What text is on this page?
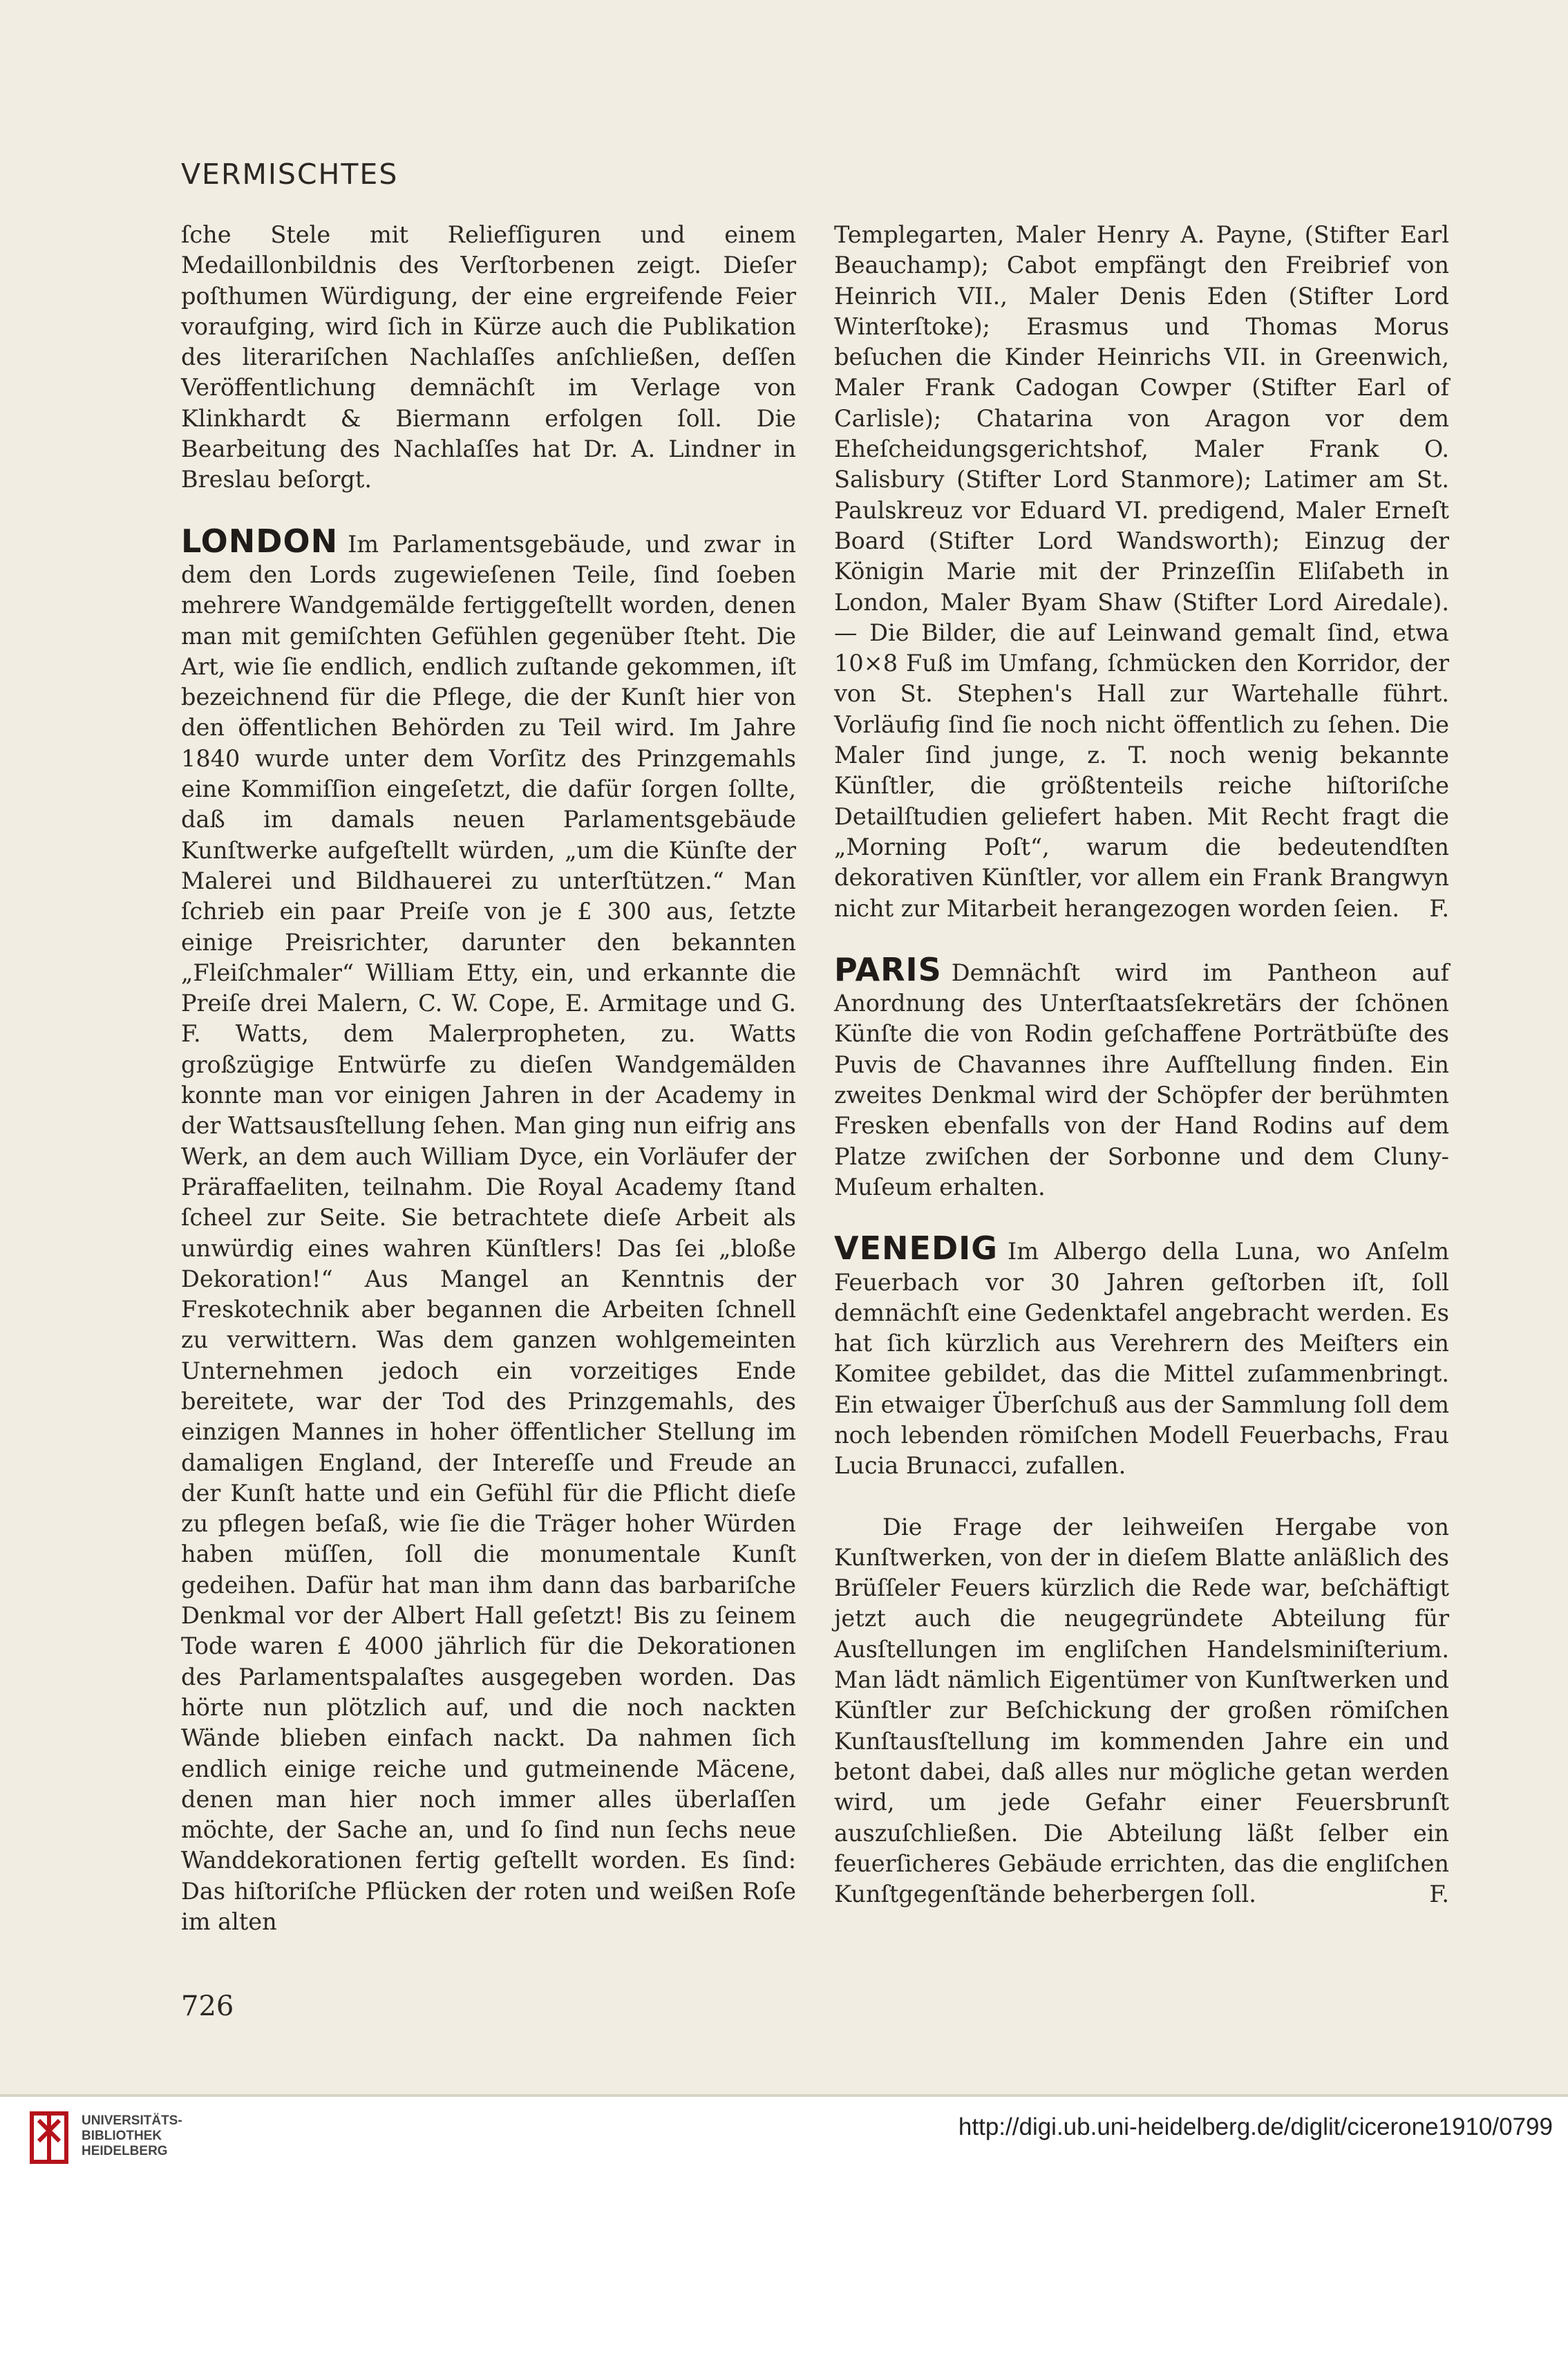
VERMISCHTES

ſche Stele mit Reliefſiguren und einem Medaillonbildnis des Verſtorbenen zeigt. Dieſer poſthumen Würdigung, der eine ergreifende Feier voraufging, wird ſich in Kürze auch die Publikation des literariſchen Nachlaſſes anſchließen, deſſen Veröffentlichung demnächſt im Verlage von Klinkhardt & Biermann erfolgen ſoll. Die Bearbeitung des Nachlaſſes hat Dr. A. Lindner in Breslau beſorgt.

LONDON Im Parlamentsgebäude, und zwar in dem den Lords zugewieſenen Teile, ſind ſoeben mehrere Wandgemälde fertiggeſtellt worden, denen man mit gemiſchten Gefühlen gegenüber ſteht. Die Art, wie ſie endlich, endlich zuſtande gekommen, iſt bezeichnend für die Pflege, die der Kunſt hier von den öffentlichen Behörden zu Teil wird. Im Jahre 1840 wurde unter dem Vorſitz des Prinzgemahls eine Kommiſſion eingeſetzt, die dafür ſorgen ſollte, daß im damals neuen Parlamentsgebäude Kunſtwerke aufgeſtellt würden, „um die Künſte der Malerei und Bildhauerei zu unterſtützen.“ Man ſchrieb ein paar Preiſe von je £ 300 aus, ſetzte einige Preisrichter, darunter den bekannten „Fleiſchmaler“ William Etty, ein, und erkannte die Preiſe drei Malern, C. W. Cope, E. Armitage und G. F. Watts, dem Malerpropheten, zu. Watts großzügige Entwürfe zu dieſen Wandgemälden konnte man vor einigen Jahren in der Academy in der Wattsausſtellung ſehen. Man ging nun eifrig ans Werk, an dem auch William Dyce, ein Vorläufer der Präraffaeliten, teilnahm. Die Royal Academy ſtand ſcheel zur Seite. Sie betrachtete dieſe Arbeit als unwürdig eines wahren Künſtlers! Das ſei „bloße Dekoration!“ Aus Mangel an Kenntnis der Freskotechnik aber begannen die Arbeiten ſchnell zu verwittern. Was dem ganzen wohlgemeinten Unternehmen jedoch ein vorzeitiges Ende bereitete, war der Tod des Prinzgemahls, des einzigen Mannes in hoher öffentlicher Stellung im damaligen England, der Intereſſe und Freude an der Kunſt hatte und ein Gefühl für die Pflicht dieſe zu pflegen beſaß, wie ſie die Träger hoher Würden haben müſſen, ſoll die monumentale Kunſt gedeihen. Dafür hat man ihm dann das barbariſche Denkmal vor der Albert Hall geſetzt! Bis zu ſeinem Tode waren £ 4000 jährlich für die Dekorationen des Parlamentspalaſtes ausgegeben worden. Das hörte nun plötzlich auf, und die noch nackten Wände blieben einfach nackt. Da nahmen ſich endlich einige reiche und gutmeinende Mäcene, denen man hier noch immer alles überlaſſen möchte, der Sache an, und ſo ſind nun ſechs neue Wanddekorationen fertig geſtellt worden. Es ſind: Das hiſtoriſche Pflücken der roten und weißen Roſe im alten

Templegarten, Maler Henry A. Payne, (Stifter Earl Beauchamp); Cabot empfängt den Freibrief von Heinrich VII., Maler Denis Eden (Stifter Lord Winterſtoke); Erasmus und Thomas Morus beſuchen die Kinder Heinrichs VII. in Greenwich, Maler Frank Cadogan Cowper (Stifter Earl of Carlisle); Chatarina von Aragon vor dem Eheſcheidungsgerichtshof, Maler Frank O. Salisbury (Stifter Lord Stanmore); Latimer am St. Paulskreuz vor Eduard VI. predigend, Maler Erneſt Board (Stifter Lord Wandsworth); Einzug der Königin Marie mit der Prinzeſſin Eliſabeth in London, Maler Byam Shaw (Stifter Lord Airedale). — Die Bilder, die auf Leinwand gemalt ſind, etwa 10×8 Fuß im Umfang, ſchmücken den Korridor, der von St. Stephen's Hall zur Wartehalle führt. Vorläufig ſind ſie noch nicht öffentlich zu ſehen. Die Maler ſind junge, z. T. noch wenig bekannte Künſtler, die größtenteils reiche hiſtoriſche Detailſtudien geliefert haben. Mit Recht fragt die „Morning Poſt“, warum die bedeutendſten dekorativen Künſtler, vor allem ein Frank Brangwyn nicht zur Mitarbeit herangezogen worden ſeien. F.

PARIS Demnächſt wird im Pantheon auf Anordnung des Unterſtaatsſekretärs der ſchönen Künſte die von Rodin geſchaffene Porträtbüſte des Puvis de Chavannes ihre Aufſtellung finden. Ein zweites Denkmal wird der Schöpfer der berühmten Fresken ebenfalls von der Hand Rodins auf dem Platze zwiſchen der Sorbonne und dem Cluny-Muſeum erhalten.

VENEDIG Im Albergo della Luna, wo Anſelm Feuerbach vor 30 Jahren geſtorben iſt, ſoll demnächſt eine Gedenktafel angebracht werden. Es hat ſich kürzlich aus Verehrern des Meiſters ein Komitee gebildet, das die Mittel zuſammenbringt. Ein etwaiger Überſchuß aus der Sammlung ſoll dem noch lebenden römiſchen Modell Feuerbachs, Frau Lucia Brunacci, zufallen.

Die Frage der leihweiſen Hergabe von Kunſtwerken, von der in dieſem Blatte anläßlich des Brüſſeler Feuers kürzlich die Rede war, beſchäftigt jetzt auch die neugegründete Abteilung für Ausſtellungen im engliſchen Handelsminiſterium. Man lädt nämlich Eigentümer von Kunſtwerken und Künſtler zur Beſchickung der großen römiſchen Kunſtausſtellung im kommenden Jahre ein und betont dabei, daß alles nur mögliche getan werden wird, um jede Gefahr einer Feuersbrunſt auszuſchließen. Die Abteilung läßt ſelber ein feuerſicheres Gebäude errichten, das die engliſchen Kunſtgegenſtände beherbergen ſoll.	F.

726
UNIVERSITÄTS-
BIBLIOTHEK
HEIDELBERG
http://digi.ub.uni-heidelberg.de/diglit/cicerone1910/0799
